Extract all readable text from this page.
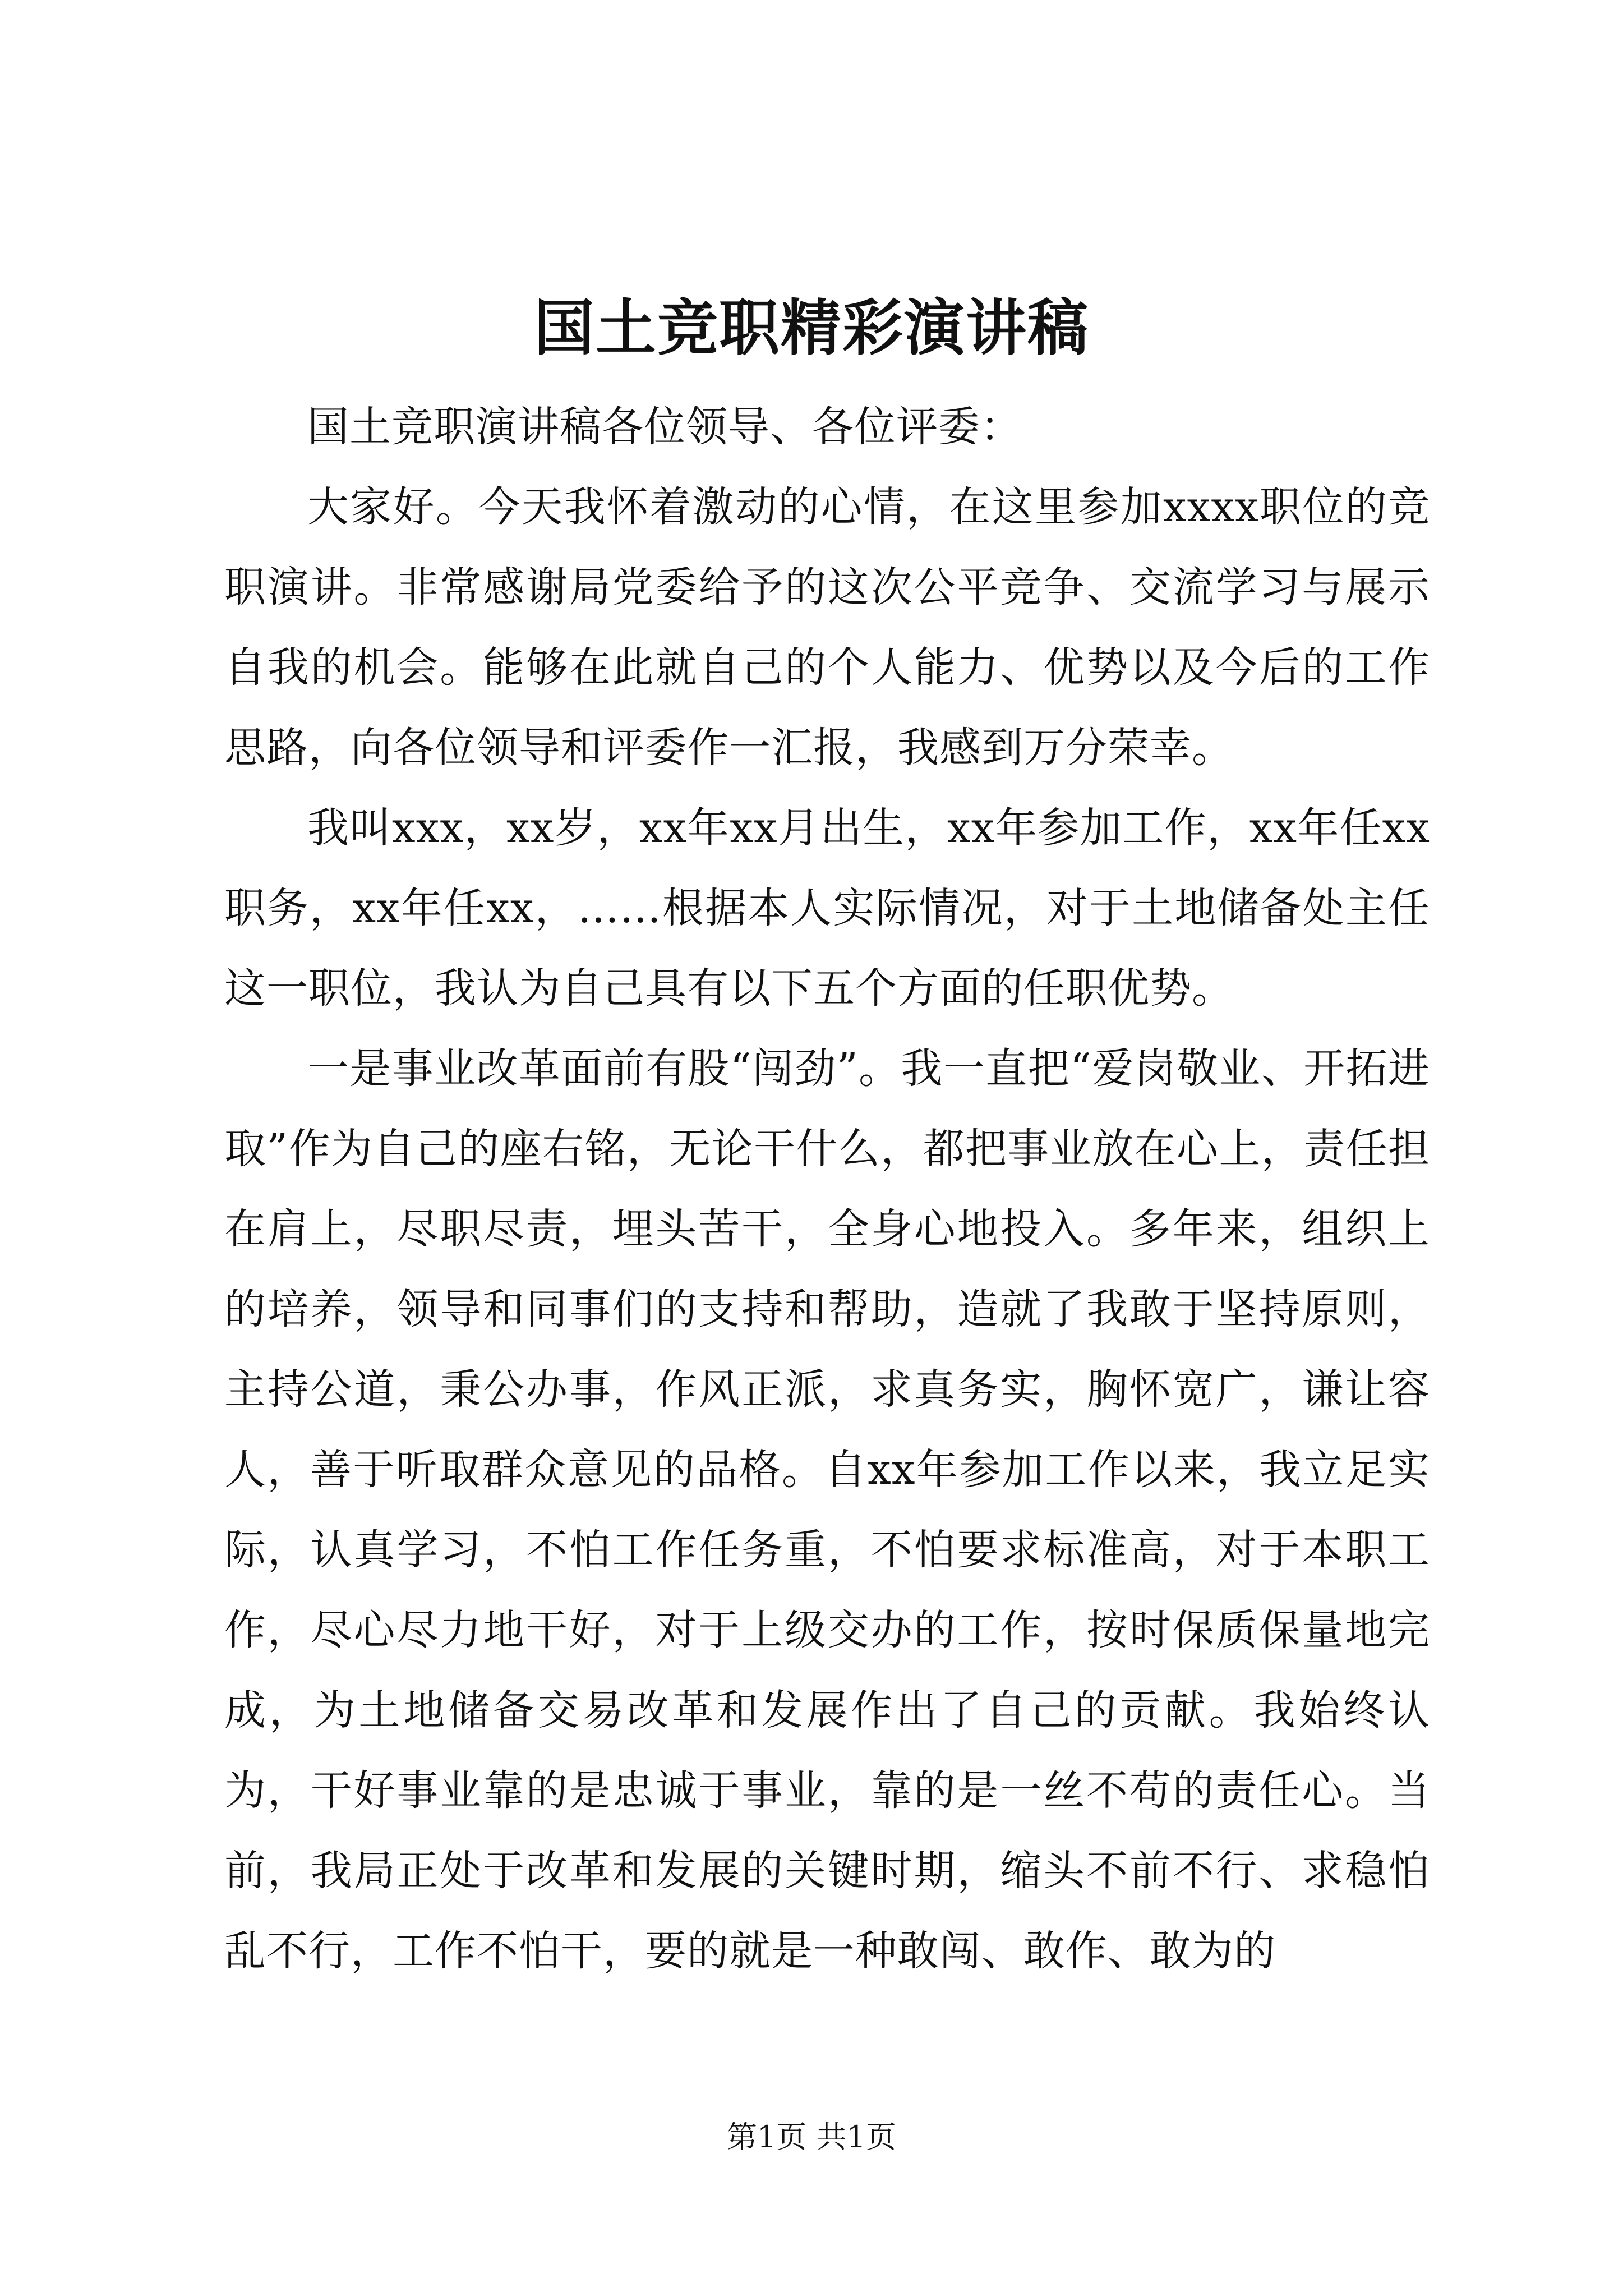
国土竞职精彩演讲稿

国土竞职演讲稿各位领导、各位评委：

大家好。今天我怀着激动的心情，在这里参加xxxx职位的竞职演讲。非常感谢局党委给予的这次公平竞争、交流学习与展示自我的机会。能够在此就自己的个人能力、优势以及今后的工作思路，向各位领导和评委作一汇报，我感到万分荣幸。

我叫xxx，xx岁，xx年xx月出生，xx年参加工作，xx年任xx职务，xx年任xx，……根据本人实际情况，对于土地储备处主任这一职位，我认为自己具有以下五个方面的任职优势。

一是事业改革面前有股“闯劲”。我一直把“爱岗敬业、开拓进取”作为自己的座右铭，无论干什么，都把事业放在心上，责任担在肩上，尽职尽责，埋头苦干，全身心地投入。多年来，组织上的培养，领导和同事们的支持和帮助，造就了我敢于坚持原则，主持公道，秉公办事，作风正派，求真务实，胸怀宽广，谦让容人，善于听取群众意见的品格。自xx年参加工作以来，我立足实际，认真学习，不怕工作任务重，不怕要求标准高，对于本职工作，尽心尽力地干好，对于上级交办的工作，按时保质保量地完成，为土地储备交易改革和发展作出了自己的贡献。我始终认为，干好事业靠的是忠诚于事业，靠的是一丝不苟的责任心。当前，我局正处于改革和发展的关键时期，缩头不前不行、求稳怕乱不行，工作不怕干，要的就是一种敢闯、敢作、敢为的

第1页 共1页
